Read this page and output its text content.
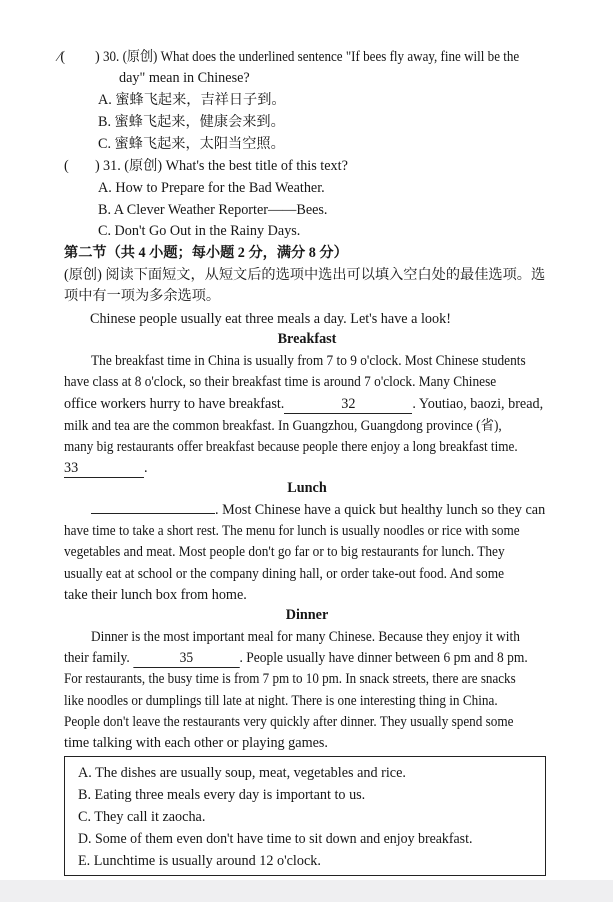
⁄( ) 30. (原创) What does the underlined sentence "If bees fly away, fine will be the
day" mean in Chinese?
A. 蜜蜂飞起来，吉祥日子到。
B. 蜜蜂飞起来，健康会来到。
C. 蜜蜂飞起来，太阳当空照。
( ) 31. (原创) What's the best title of this text?
A. How to Prepare for the Bad Weather.
B. A Clever Weather Reporter——Bees.
C. Don't Go Out in the Rainy Days.
第二节（共 4 小题；每小题 2 分，满分 8 分）
(原创) 阅读下面短文，从短文后的选项中选出可以填入空白处的最佳选项。选
项中有一项为多余选项。
Chinese people usually eat three meals a day. Let's have a look!
Breakfast
The breakfast time in China is usually from 7 to 9 o'clock. Most Chinese students
have class at 8 o'clock, so their breakfast time is around 7 o'clock. Many Chinese
office workers hurry to have breakfast.	32	. Youtiao, baozi, bread,
milk and tea are the common breakfast. In Guangzhou, Guangdong province (省),
many big restaurants offer breakfast because people there enjoy a long breakfast time.
33	.
Lunch
. Most Chinese have a quick but healthy lunch so they can
have time to take a short rest. The menu for lunch is usually noodles or rice with some
vegetables and meat. Most people don't go far or to big restaurants for lunch. They
usually eat at school or the company dining hall, or order take-out food. And some
take their lunch box from home.
Dinner
Dinner is the most important meal for many Chinese. Because they enjoy it with
their family.	35	. People usually have dinner between 6 pm and 8 pm.
For restaurants, the busy time is from 7 pm to 10 pm. In snack streets, there are snacks
like noodles or dumplings till late at night. There is one interesting thing in China.
People don't leave the restaurants very quickly after dinner. They usually spend some
time talking with each other or playing games.
A. The dishes are usually soup, meat, vegetables and rice.
B. Eating three meals every day is important to us.
C. They call it zaocha.
D. Some of them even don't have time to sit down and enjoy breakfast.
E. Lunchtime is usually around 12 o'clock.
